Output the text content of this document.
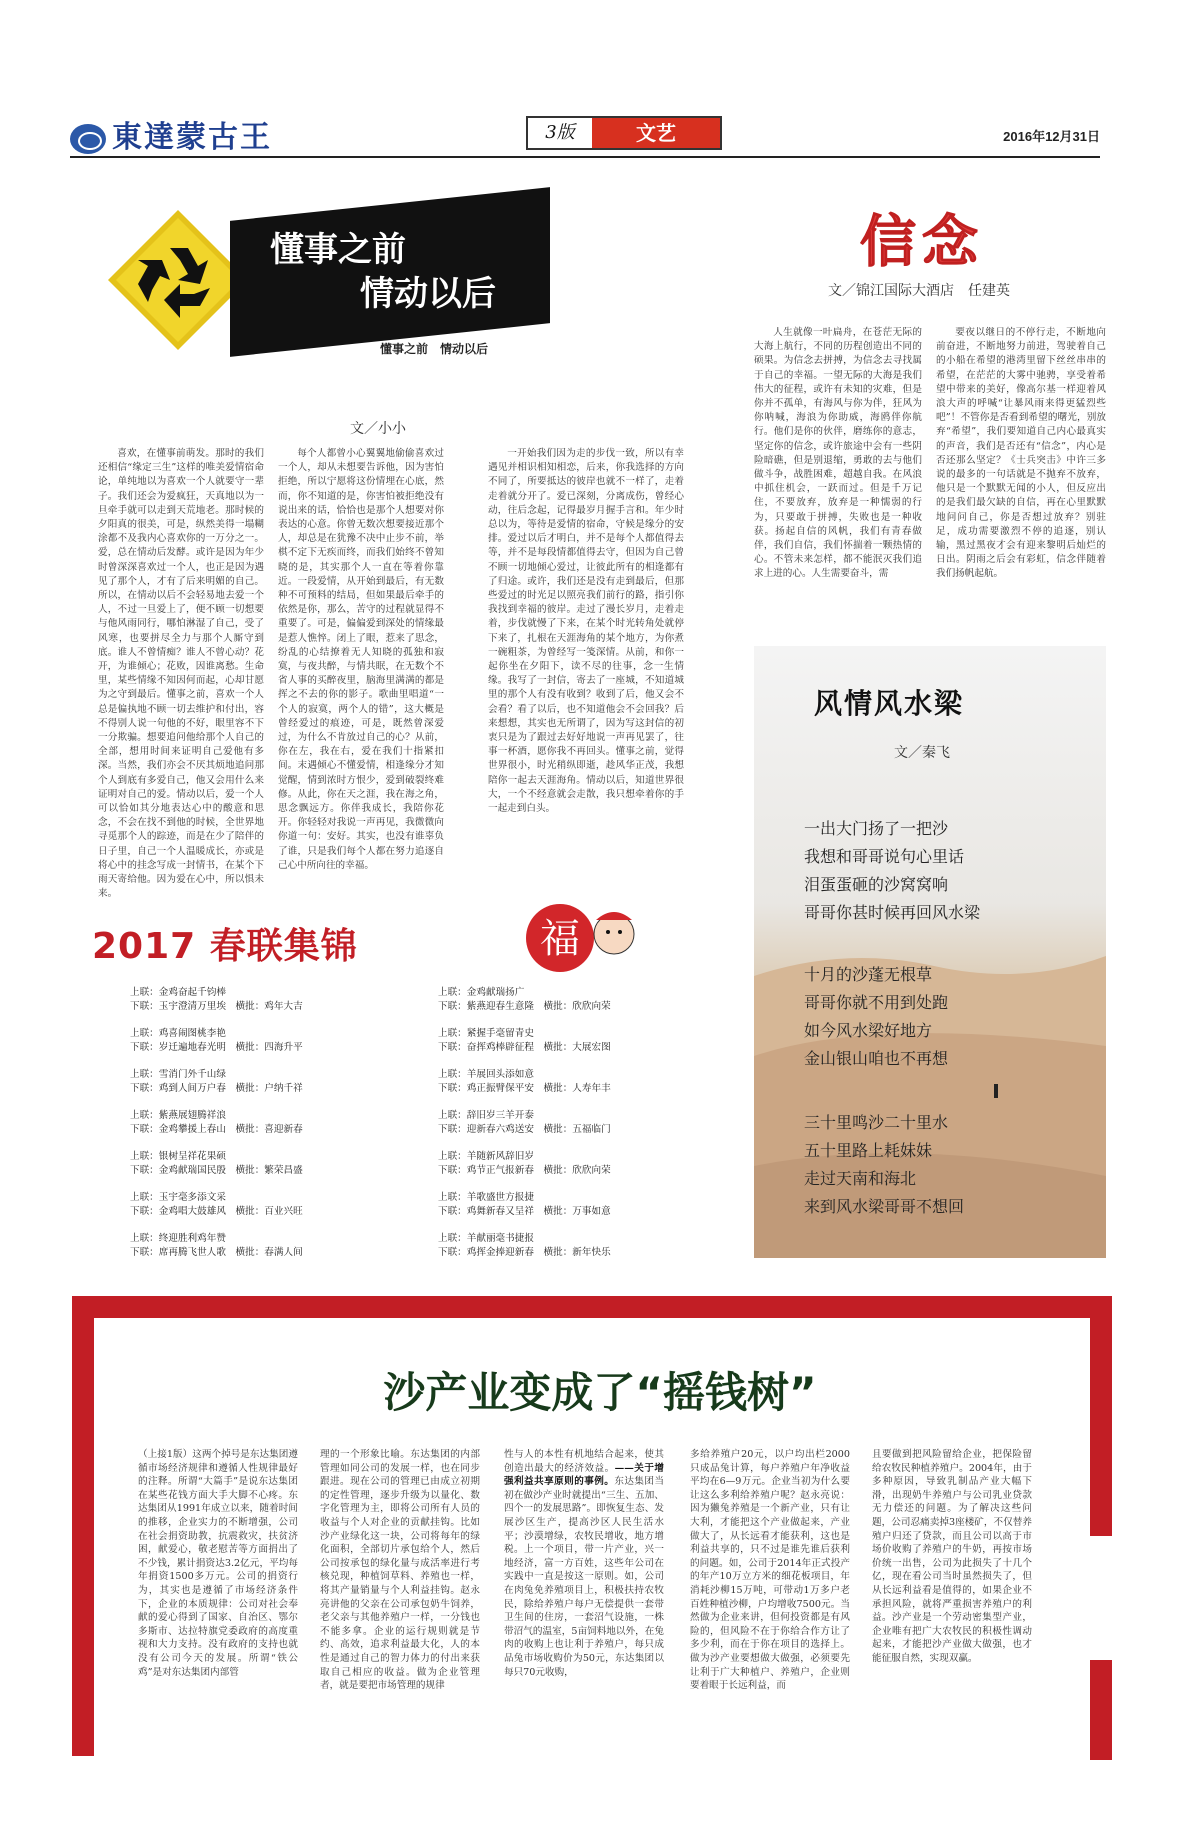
東達蒙古王	3版	文艺	2016年12月31日
懂事之前
情动以后
懂事之前　情动以后
文／小小
喜欢，在懂事前萌发。那时的我们还相信“缘定三生”这样的唯美爱情宿命论，单纯地以为喜欢一个人就要守一辈子。我们还会为爱疯狂，天真地以为一旦牵手就可以走到天荒地老。那时候的夕阳真的很美，可是，纵然美得一塌糊涂都不及我内心喜欢你的一万分之一。爱，总在情动后发酵。或许是因为年少时曾深深喜欢过一个人，也正是因为遇见了那个人，才有了后来明媚的自己。所以，在情动以后不会轻易地去爱一个人，不过一旦爱上了，便不顾一切想要与他风雨同行，哪怕淋湿了自己，受了风寒，也要拼尽全力与那个人厮守到底。谁人不曾情痴？谁人不曾心动？花开，为谁倾心；花败，因谁离愁。生命里，某些情缘不知因何而起，心却甘愿为之守到最后。懂事之前，喜欢一个人总是偏执地不顾一切去维护和付出，容不得别人说一句他的不好，眼里容不下一分欺骗。想要追问他给那个人自己的全部，想用时间来证明自己爱他有多深。当然，我们亦会不厌其烦地追问那个人到底有多爱自己，他又会用什么来证明对自己的爱。情动以后，爱一个人可以恰如其分地表达心中的酸意和思念，不会在找不到他的时候，全世界地寻觅那个人的踪迹，而是在少了陪伴的日子里，自己一个人温暖成长，亦或是将心中的挂念写成一封情书，在某个下雨天寄给他。因为爱在心中，所以惧未来。
每个人都曾小心翼翼地偷偷喜欢过一个人，却从未想要告诉他，因为害怕拒绝，所以宁愿将这份情埋在心底，然而，你不知道的是，你害怕被拒绝没有说出来的话，恰恰也是那个人想要对你表达的心意。你曾无数次想要接近那个人，却总是在犹豫不决中止步不前，举棋不定下无疾而终，而我们始终不曾知晓的是，其实那个人一直在等着你靠近。一段爱情，从开始到最后，有无数种不可预料的结局，但如果最后牵手的依然是你，那么，苦守的过程就显得不重要了。可是，偏偏爱到深处的情缘最是惹人憔悴。闭上了眼，惹来了思念，纷乱的心结撩着无人知晓的孤独和寂寞，与夜共醉，与情共眠，在无数个不省人事的买醉夜里，脑海里满满的都是挥之不去的你的影子。歌曲里唱道“一个人的寂寞，两个人的错”，这大概是曾经爱过的痕迹，可是，既然曾深爱过，为什么不肯放过自己的心？从前，你在左，我在右，爱在我们十指紧扣间。末遇倾心不懂爱情，相逢缘分才知觉醒，情到浓时方恨少，爱到破裂终难修。从此，你在天之涯，我在海之角，思念飘远方。你伴我成长，我陪你花开。你轻轻对我说一声再见，我微微向你道一句：安好。其实，也没有谁辜负了谁，只是我们每个人都在努力追逐自己心中所向往的幸福。
一开始我们因为走的步伐一致，所以有幸遇见并相识相知相恋，后来，你我选择的方向不同了，所要抵达的彼岸也就不一样了，走着走着就分开了。爱已深刻，分离成伤，曾经心动，往后念起，记得最岁月握手言和。年少时总以为，等待是爱情的宿命，守候是缘分的安排。爱过以后才明白，并不是每个人都值得去等，并不是每段情都值得去守，但因为自己曾不顾一切地倾心爱过，让彼此所有的相逢都有了归途。或许，我们还是没有走到最后，但那些爱过的时光足以照亮我们前行的路，指引你我找到幸福的彼岸。走过了漫长岁月，走着走着，步伐就慢了下来，在某个时光转角处就停下来了，扎根在天涯海角的某个地方，为你煮一碗粗茶，为曾经写一笺深情。从前，和你一起你坐在夕阳下，读不尽的往事，念一生情缘。我写了一封信，寄去了一座城，不知道城里的那个人有没有收到？收到了后，他又会不会看？看了以后，也不知道他会不会回我？后来想想，其实也无所谓了，因为写这封信的初衷只是为了跟过去好好地说一声再见罢了，往事一杯酒，愿你我不再回头。懂事之前，觉得世界很小，时光稍纵即逝，趁风华正茂，我想陪你一起去天涯海角。情动以后，知道世界很大，一个不经意就会走散，我只想牵着你的手一起走到白头。
信念
文／锦江国际大酒店　任建英
人生就像一叶扁舟，在苍茫无际的大海上航行，不同的历程创造出不同的硕果。为信念去拼搏，为信念去寻找属于自己的幸福。一望无际的大海是我们伟大的征程，或许有未知的灾难，但是你并不孤单，有海风与你为伴，狂风为你呐喊，海浪为你助威，海鸥伴你航行。他们是你的伙伴，磨练你的意志，坚定你的信念，或许旅途中会有一些阴险暗礁，但是别退缩，勇敢的去与他们做斗争，战胜困难，超越自我。在风浪中抓住机会，一跃而过。但是千万记住，不要放弃，放弃是一种懦弱的行为，只要敢于拼搏，失败也是一种收获。扬起自信的风帆，我们有青春做伴，我们自信，我们怀揣着一颗热情的心。不管未来怎样，都不能泯灭我们追求上进的心。人生需要奋斗，需
要夜以继日的不停行走，不断地向前奋进，不断地努力前进，驾驶着自己的小船在希望的港湾里留下丝丝串串的希望，在茫茫的大雾中驰骋，享受着希望中带来的美好，像高尔基一样迎着风浪大声的呼喊“让暴风雨来得更猛烈些吧”！不管你是否看到希望的曙光，别放弃“希望”，我们要知道自己内心最真实的声音，我们是否还有“信念”，内心是否还那么坚定？《士兵突击》中许三多说的最多的一句话就是不抛弃不放弃，他只是一个默默无闻的小人，但反应出的是我们最欠缺的自信，再在心里默默地问问自己，你是否想过放弃？别驻足，成功需要激烈不停的追逐，别认输，黑过黑夜才会有迎来黎明后灿烂的日出。阴雨之后会有彩虹，信念伴随着我们扬帆起航。
风情风水梁
文／秦飞
一出大门扬了一把沙
我想和哥哥说句心里话
泪蛋蛋砸的沙窝窝响
哥哥你甚时候再回风水梁
十月的沙蓬无根草
哥哥你就不用到处跑
如今风水梁好地方
金山银山咱也不再想
三十里鸣沙二十里水
五十里路上耗妹妹
走过天南和海北
来到风水梁哥哥不想回
2017 春联集锦	福
上联：金鸡奋起千钧棒
下联：玉宇澄清万里埃　横批：鸡年大吉
上联：鸡喜闹图桃李艳
下联：岁迁遍地春光明　横批：四海升平
上联：雪消门外千山绿
下联：鸡到人间万户春　横批：户纳千祥
上联：紫燕展翅腾祥浪
下联：金鸡攀援上春山　横批：喜迎新春
上联：银树呈祥花果硕
下联：金鸡献瑞国民殷　横批：繁荣昌盛
上联：玉宇毫多添文采
下联：金鸡唱大鼓雄风　横批：百业兴旺
上联：终迎胜利鸡年赞
下联：席再腾飞世人歌　横批：春满人间
上联：金鸡献瑞扬广
下联：紫燕迎春生意隆　横批：欣欣向荣
上联：紧握手毫留青史
下联：奋挥鸡棒辟征程　横批：大展宏图
上联：羊展回头添如意
下联：鸡正振臂保平安　横批：人寿年丰
上联：辞旧岁三羊开泰
下联：迎新春六鸡送安　横批：五福临门
上联：羊随新风辞旧岁
下联：鸡节正气报新春　横批：欣欣向荣
上联：羊歌盛世方报捷
下联：鸡舞新春又呈祥　横批：万事如意
上联：羊献丽毫书捷报
下联：鸡挥金捧迎新春　横批：新年快乐
沙产业变成了“摇钱树”
（上接1版）这两个掉号是东达集团遵循市场经济规律和遵循人性规律最好的注释。所谓“大篇手”是说东达集团在某些花钱方面大手大脚不心疼。东达集团从1991年成立以来，随着时间的推移，企业实力的不断增强，公司在社会捐资助教，抗震救灾，扶贫济困，献爱心，敬老慰苦等方面捐出了不少钱，累计捐资达3.2亿元，平均每年捐资1500多万元。公司的捐资行为，其实也是遵循了市场经济条件下，企业的本质规律：公司对社会奉献的爱心得到了国家、自治区、鄂尔多斯市、达拉特旗党委政府的高度重视和大力支持。没有政府的支持也就没有公司今天的发展。所谓“铁公鸡”是对东达集团内部管
理的一个形象比喻。东达集团的内部管理如同公司的发展一样，也在同步跟进。现在公司的管理已由成立初期的定性管理，逐步升级为以量化、数字化管理为主，即将公司所有人员的收益与个人对企业的贡献挂钩。比如沙产业绿化这一块，公司将每年的绿化面积，全部切片承包给个人，然后公司按承包的绿化量与成活率进行考核兑现，种植饲草料、养殖也一样，将其产量销量与个人利益挂钩。赵永亮讲他的父亲在公司承包奶牛饲养，老父亲与其他养殖户一样，一分钱也不能多拿。企业的运行规则就是节约、高效，追求利益最大化，人的本性是通过自己的智力体力的付出来获取自己相应的收益。做为企业管理者，就是要把市场管理的规律
性与人的本性有机地结合起来，使其创造出最大的经济效益。——关于增强利益共享原则的事例。东达集团当初在做沙产业时就提出“三生、五加、四个一的发展思路”。即恢复生态、发展沙区生产，提高沙区人民生活水平；沙漠增绿，农牧民增收，地方增税。上一个项目，带一片产业，兴一地经济，富一方百姓，这些年公司在实践中一直是按这一原则。如，公司在肉兔免养殖项目上，积极扶持农牧民，除给养殖户每户无偿提供一套带卫生间的住房，一套沼气设施，一株带沼气的温室，5亩饲料地以外，在兔肉的收购上也让利于养殖户，每只成品兔市场收购价为50元，东达集团以每只70元收购，
多给养殖户20元，以户均出栏2000只成品兔计算，每户养殖户年净收益平均在6—9万元。企业当初为什么要让这么多利给养殖户呢？赵永亮说：因为獭兔养殖是一个新产业，只有让大利，才能把这个产业做起来，产业做大了，从长远看才能获利，这也是利益共享的，只不过是谁先谁后获利的问题。如，公司于2014年正式投产的年产10万立方米的细花板项目，年消耗沙柳15万吨，可带动1万多户老百姓种植沙柳，户均增收7500元。当然做为企业来讲，但何投资都是有风险的，但风险不在于你给合作方让了多少利，而在于你在项目的选择上。做为沙产业要想做大做强，必须要先让利于广大种植户、养殖户，企业则要着眼于长远利益，而
且要做到把风险留给企业，把保险留给农牧民种植养殖户。2004年，由于多种原因，导致乳制品产业大幅下滑，出现奶牛养殖户与公司乳业贷款无力偿还的问题。为了解决这些问题，公司忍痛卖掉3座楼矿，不仅替养殖户归还了贷款，而且公司以高于市场价收购了养殖户的牛奶，再按市场价统一出售，公司为此损失了十几个亿，现在看公司当时虽然损失了，但从长远利益看是值得的，如果企业不承担风险，就将严重损害养殖户的利益。沙产业是一个劳动密集型产业，企业唯有把广大农牧民的积极性调动起来，才能把沙产业做大做强，也才能征服自然，实现双赢。
